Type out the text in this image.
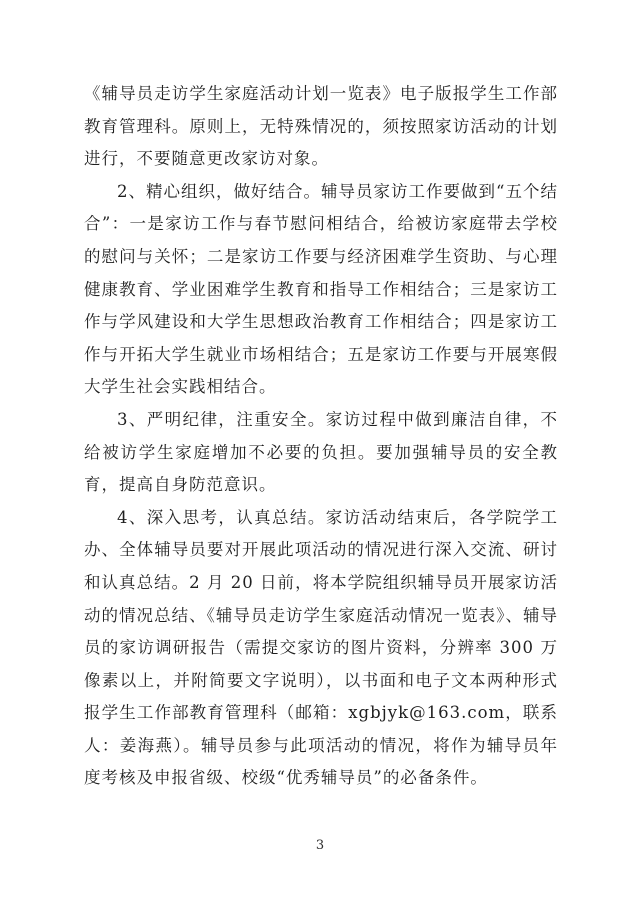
《辅导员走访学生家庭活动计划一览表》电子版报学生工作部教育管理科。原则上，无特殊情况的，须按照家访活动的计划进行，不要随意更改家访对象。

2、精心组织，做好结合。辅导员家访工作要做到“五个结合”：一是家访工作与春节慰问相结合，给被访家庭带去学校的慰问与关怀；二是家访工作要与经济困难学生资助、与心理健康教育、学业困难学生教育和指导工作相结合；三是家访工作与学风建设和大学生思想政治教育工作相结合；四是家访工作与开拓大学生就业市场相结合；五是家访工作要与开展寒假大学生社会实践相结合。

3、严明纪律，注重安全。家访过程中做到廉洁自律，不给被访学生家庭增加不必要的负担。要加强辅导员的安全教育，提高自身防范意识。

4、深入思考，认真总结。家访活动结束后，各学院学工办、全体辅导员要对开展此项活动的情况进行深入交流、研讨和认真总结。2 月 20 日前，将本学院组织辅导员开展家访活动的情况总结、《辅导员走访学生家庭活动情况一览表》、辅导员的家访调研报告（需提交家访的图片资料，分辨率 300 万像素以上，并附简要文字说明），以书面和电子文本两种形式报学生工作部教育管理科（邮箱：xgbjyk@163.com，联系人：姜海燕）。辅导员参与此项活动的情况，将作为辅导员年度考核及申报省级、校级“优秀辅导员”的必备条件。

3
